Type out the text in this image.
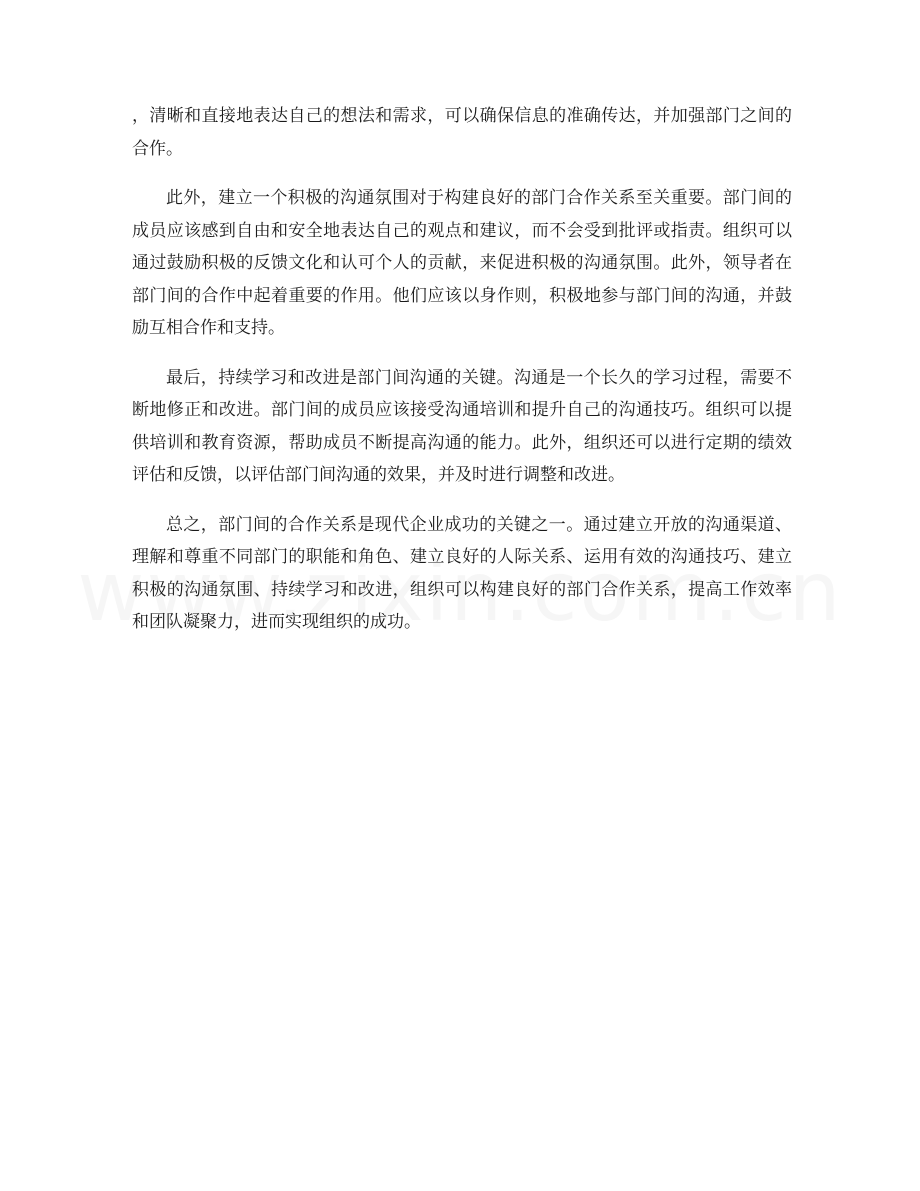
，清晰和直接地表达自己的想法和需求，可以确保信息的准确传达，并加强部门之间的合作。

此外，建立一个积极的沟通氛围对于构建良好的部门合作关系至关重要。部门间的成员应该感到自由和安全地表达自己的观点和建议，而不会受到批评或指责。组织可以通过鼓励积极的反馈文化和认可个人的贡献，来促进积极的沟通氛围。此外，领导者在部门间的合作中起着重要的作用。他们应该以身作则，积极地参与部门间的沟通，并鼓励互相合作和支持。

最后，持续学习和改进是部门间沟通的关键。沟通是一个长久的学习过程，需要不断地修正和改进。部门间的成员应该接受沟通培训和提升自己的沟通技巧。组织可以提供培训和教育资源，帮助成员不断提高沟通的能力。此外，组织还可以进行定期的绩效评估和反馈，以评估部门间沟通的效果，并及时进行调整和改进。

总之，部门间的合作关系是现代企业成功的关键之一。通过建立开放的沟通渠道、理解和尊重不同部门的职能和角色、建立良好的人际关系、运用有效的沟通技巧、建立积极的沟通氛围、持续学习和改进，组织可以构建良好的部门合作关系，提高工作效率和团队凝聚力，进而实现组织的成功。
